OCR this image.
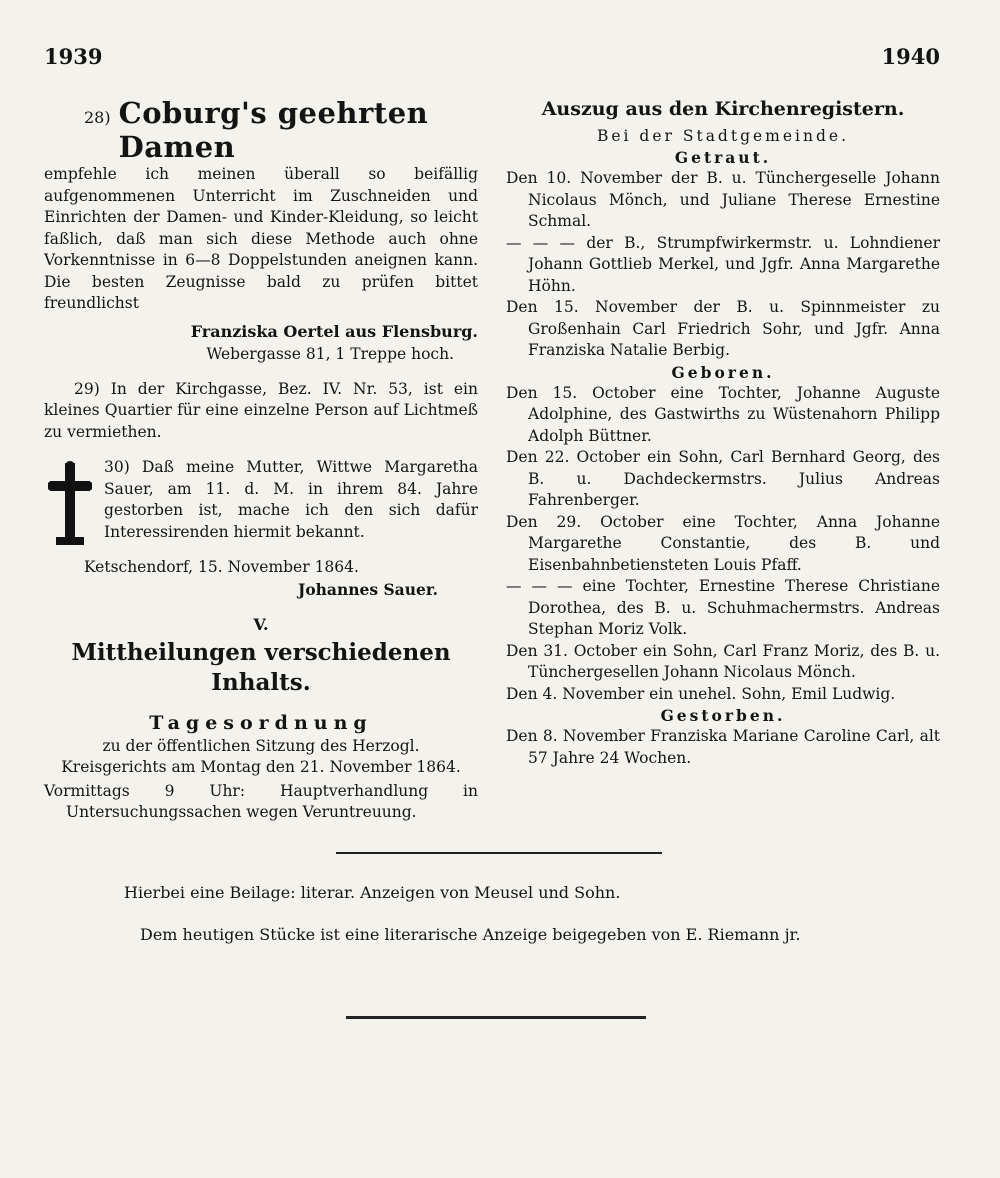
1939	1940
28) Coburg's geehrten Damen

empfehle ich meinen überall so beifällig aufgenommenen Unterricht im Zuschneiden und Einrichten der Damen- und Kinder-Kleidung, so leicht faßlich, daß man sich diese Methode auch ohne Vorkenntnisse in 6—8 Doppelstunden aneignen kann. Die besten Zeugnisse bald zu prüfen bittet freundlichst

Franziska Oertel aus Flensburg.

Webergasse 81, 1 Treppe hoch.

29) In der Kirchgasse, Bez. IV. Nr. 53, ist ein kleines Quartier für eine einzelne Person auf Lichtmeß zu vermiethen.

30) Daß meine Mutter, Wittwe Margaretha Sauer, am 11. d. M. in ihrem 84. Jahre gestorben ist, mache ich den sich dafür Interessirenden hiermit bekannt.

Ketschendorf, 15. November 1864.

Johannes Sauer.

V.
Mittheilungen verschiedenen Inhalts.
Tagesordnung

zu der öffentlichen Sitzung des Herzogl. Kreisgerichts am Montag den 21. November 1864.

Vormittags 9 Uhr: Hauptverhandlung in Untersuchungssachen wegen Veruntreuung.

Auszug aus den Kirchenregistern.
Bei der Stadtgemeinde.
Getraut.

Den 10. November der B. u. Tünchergeselle Johann Nicolaus Mönch, und Juliane Therese Ernestine Schmal.

— — — der B., Strumpfwirkermstr. u. Lohndiener Johann Gottlieb Merkel, und Jgfr. Anna Margarethe Höhn.

Den 15. November der B. u. Spinnmeister zu Großenhain Carl Friedrich Sohr, und Jgfr. Anna Franziska Natalie Berbig.

Geboren.

Den 15. October eine Tochter, Johanne Auguste Adolphine, des Gastwirths zu Wüstenahorn Philipp Adolph Büttner.

Den 22. October ein Sohn, Carl Bernhard Georg, des B. u. Dachdeckermstrs. Julius Andreas Fahrenberger.

Den 29. October eine Tochter, Anna Johanne Margarethe Constantie, des B. und Eisenbahnbetiensteten Louis Pfaff.

— — — eine Tochter, Ernestine Therese Christiane Dorothea, des B. u. Schuhmachermstrs. Andreas Stephan Moriz Volk.

Den 31. October ein Sohn, Carl Franz Moriz, des B. u. Tünchergesellen Johann Nicolaus Mönch.

Den 4. November ein unehel. Sohn, Emil Ludwig.

Gestorben.

Den 8. November Franziska Mariane Caroline Carl, alt 57 Jahre 24 Wochen.

Hierbei eine Beilage: literar. Anzeigen von Meusel und Sohn.

Dem heutigen Stücke ist eine literarische Anzeige beigegeben von E. Riemann jr.
